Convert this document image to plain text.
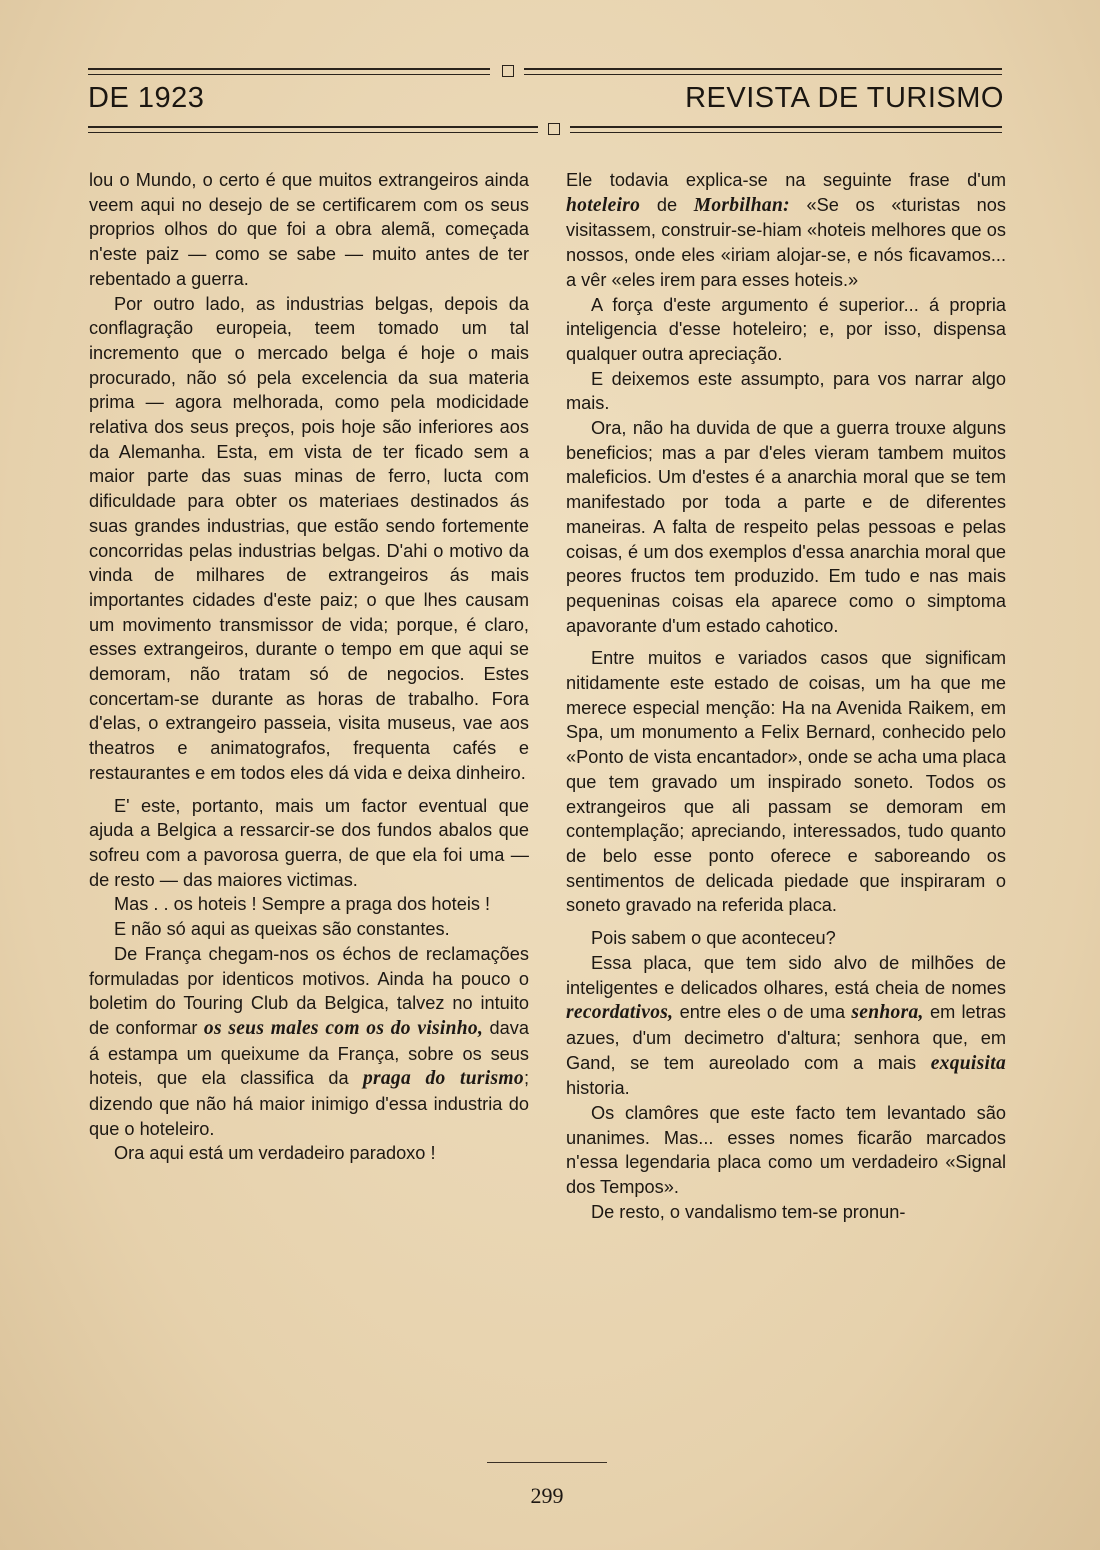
DE 1923	REVISTA DE TURISMO

lou o Mundo, o certo é que muitos extrangeiros ainda veem aqui no desejo de se certificarem com os seus proprios olhos do que foi a obra alemã, começada n'este paiz — como se sabe — muito antes de ter rebentado a guerra.

Por outro lado, as industrias belgas, depois da conflagração europeia, teem tomado um tal incremento que o mercado belga é hoje o mais procurado, não só pela excelencia da sua materia prima — agora melhorada, como pela modicidade relativa dos seus preços, pois hoje são inferiores aos da Alemanha. Esta, em vista de ter ficado sem a maior parte das suas minas de ferro, lucta com dificuldade para obter os materiaes destinados ás suas grandes industrias, que estão sendo fortemente concorridas pelas industrias belgas. D'ahi o motivo da vinda de milhares de extrangeiros ás mais importantes cidades d'este paiz; o que lhes causam um movimento transmissor de vida; porque, é claro, esses extrangeiros, durante o tempo em que aqui se demoram, não tratam só de negocios. Estes concertam-se durante as horas de trabalho. Fora d'elas, o extrangeiro passeia, visita museus, vae aos theatros e animatografos, frequenta cafés e restaurantes e em todos eles dá vida e deixa dinheiro.

E' este, portanto, mais um factor eventual que ajuda a Belgica a ressarcir-se dos fundos abalos que sofreu com a pavorosa guerra, de que ela foi uma — de resto — das maiores victimas.

Mas . . os hoteis ! Sempre a praga dos hoteis !

E não só aqui as queixas são constantes.

De França chegam-nos os échos de reclamações formuladas por identicos motivos. Ainda ha pouco o boletim do Touring Club da Belgica, talvez no intuito de conformar os seus males com os do visinho, dava á estampa um queixume da França, sobre os seus hoteis, que ela classifica da praga do turismo; dizendo que não há maior inimigo d'essa industria do que o hoteleiro.

Ora aqui está um verdadeiro paradoxo !

Ele todavia explica-se na seguinte frase d'um hoteleiro de Morbilhan: «Se os «turistas nos visitassem, construir-se-hiam «hoteis melhores que os nossos, onde eles «iriam alojar-se, e nós ficavamos... a vêr «eles irem para esses hoteis.»

A força d'este argumento é superior... á propria inteligencia d'esse hoteleiro; e, por isso, dispensa qualquer outra apreciação.

E deixemos este assumpto, para vos narrar algo mais.

Ora, não ha duvida de que a guerra trouxe alguns beneficios; mas a par d'eles vieram tambem muitos maleficios. Um d'estes é a anarchia moral que se tem manifestado por toda a parte e de diferentes maneiras. A falta de respeito pelas pessoas e pelas coisas, é um dos exemplos d'essa anarchia moral que peores fructos tem produzido. Em tudo e nas mais pequeninas coisas ela aparece como o simptoma apavorante d'um estado cahotico.

Entre muitos e variados casos que significam nitidamente este estado de coisas, um ha que me merece especial menção: Ha na Avenida Raikem, em Spa, um monumento a Felix Bernard, conhecido pelo «Ponto de vista encantador», onde se acha uma placa que tem gravado um inspirado soneto. Todos os extrangeiros que ali passam se demoram em contemplação; apreciando, interessados, tudo quanto de belo esse ponto oferece e saboreando os sentimentos de delicada piedade que inspiraram o soneto gravado na referida placa.

Pois sabem o que aconteceu?

Essa placa, que tem sido alvo de milhões de inteligentes e delicados olhares, está cheia de nomes recordativos, entre eles o de uma senhora, em letras azues, d'um decimetro d'altura; senhora que, em Gand, se tem aureolado com a mais exquisita historia.

Os clamôres que este facto tem levantado são unanimes. Mas... esses nomes ficarão marcados n'essa legendaria placa como um verdadeiro «Signal dos Tempos».

De resto, o vandalismo tem-se pronun-

299
